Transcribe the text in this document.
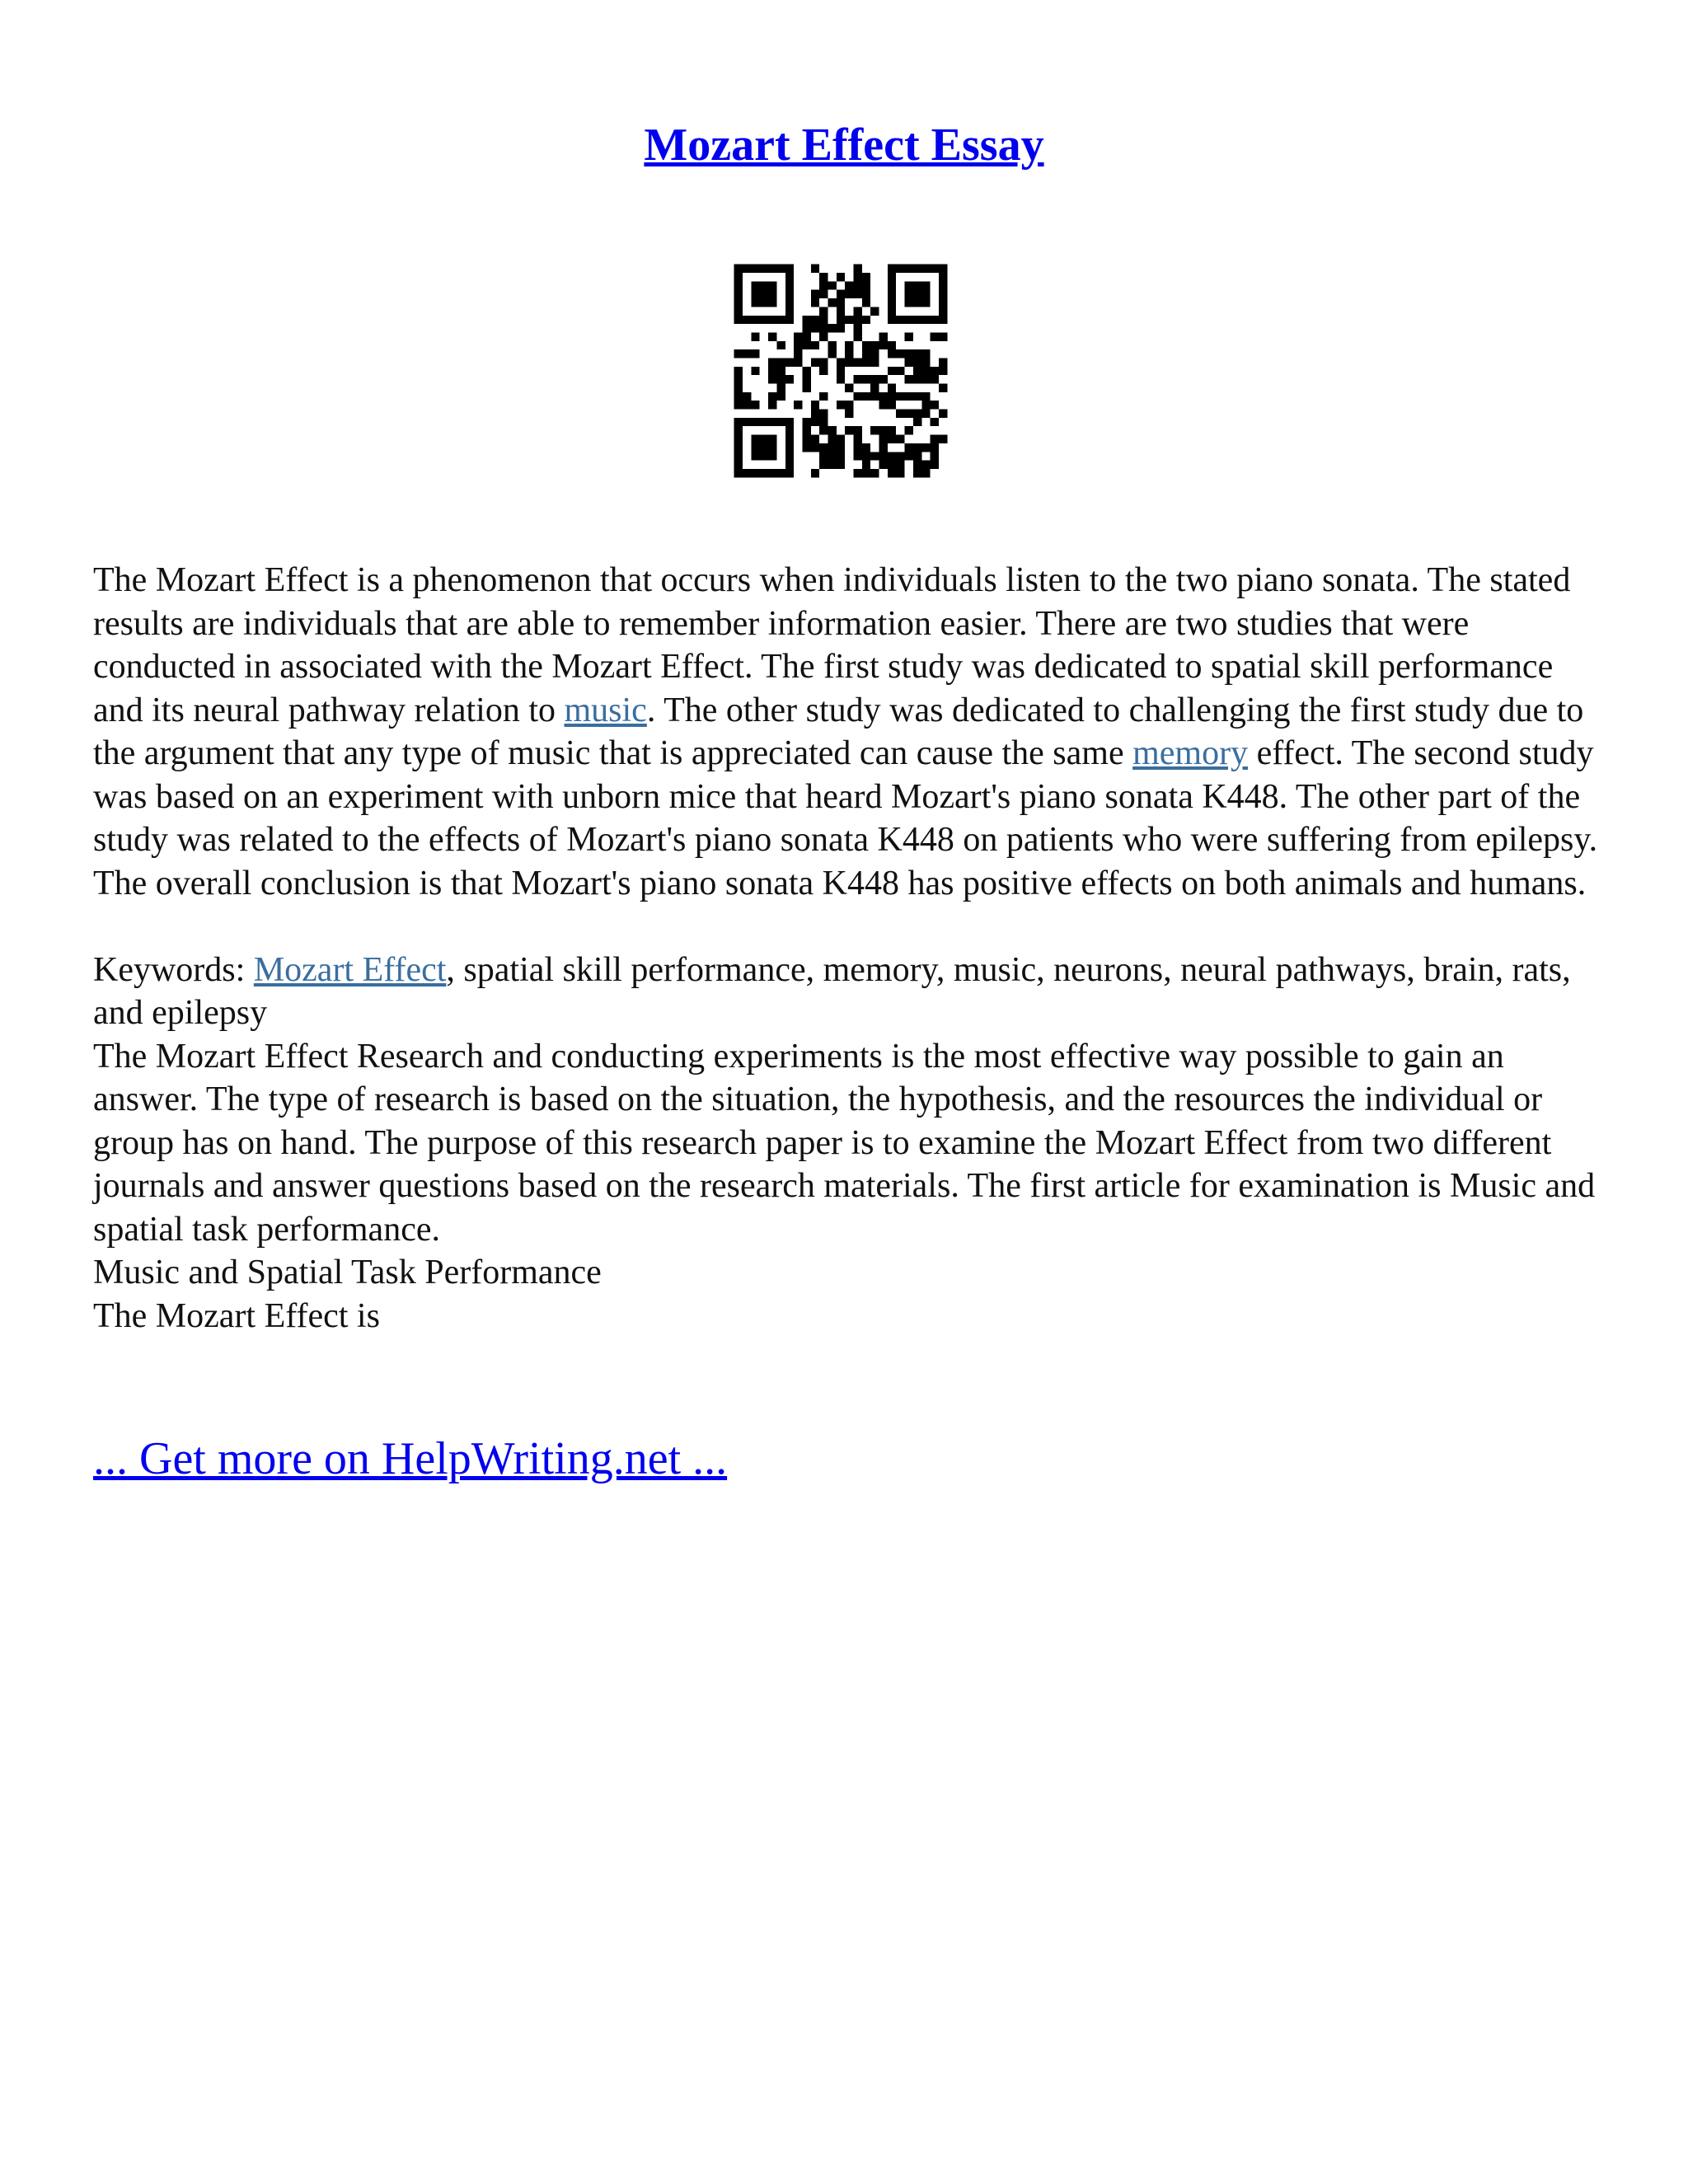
Mozart Effect Essay

The Mozart Effect is a phenomenon that occurs when individuals listen to the two piano sonata. The stated results are individuals that are able to remember information easier. There are two studies that were conducted in associated with the Mozart Effect. The first study was dedicated to spatial skill performance and its neural pathway relation to music. The other study was dedicated to challenging the first study due to the argument that any type of music that is appreciated can cause the same memory effect. The second study was based on an experiment with unborn mice that heard Mozart's piano sonata K448. The other part of the study was related to the effects of Mozart's piano sonata K448 on patients who were suffering from epilepsy. The overall conclusion is that Mozart's piano sonata K448 has positive effects on both animals and humans.

Keywords: Mozart Effect, spatial skill performance, memory, music, neurons, neural pathways, brain, rats, and epilepsy

The Mozart Effect Research and conducting experiments is the most effective way possible to gain an answer. The type of research is based on the situation, the hypothesis, and the resources the individual or group has on hand. The purpose of this research paper is to examine the Mozart Effect from two different journals and answer questions based on the research materials. The first article for examination is Music and spatial task performance.

Music and Spatial Task Performance

The Mozart Effect is

... Get more on HelpWriting.net ...
